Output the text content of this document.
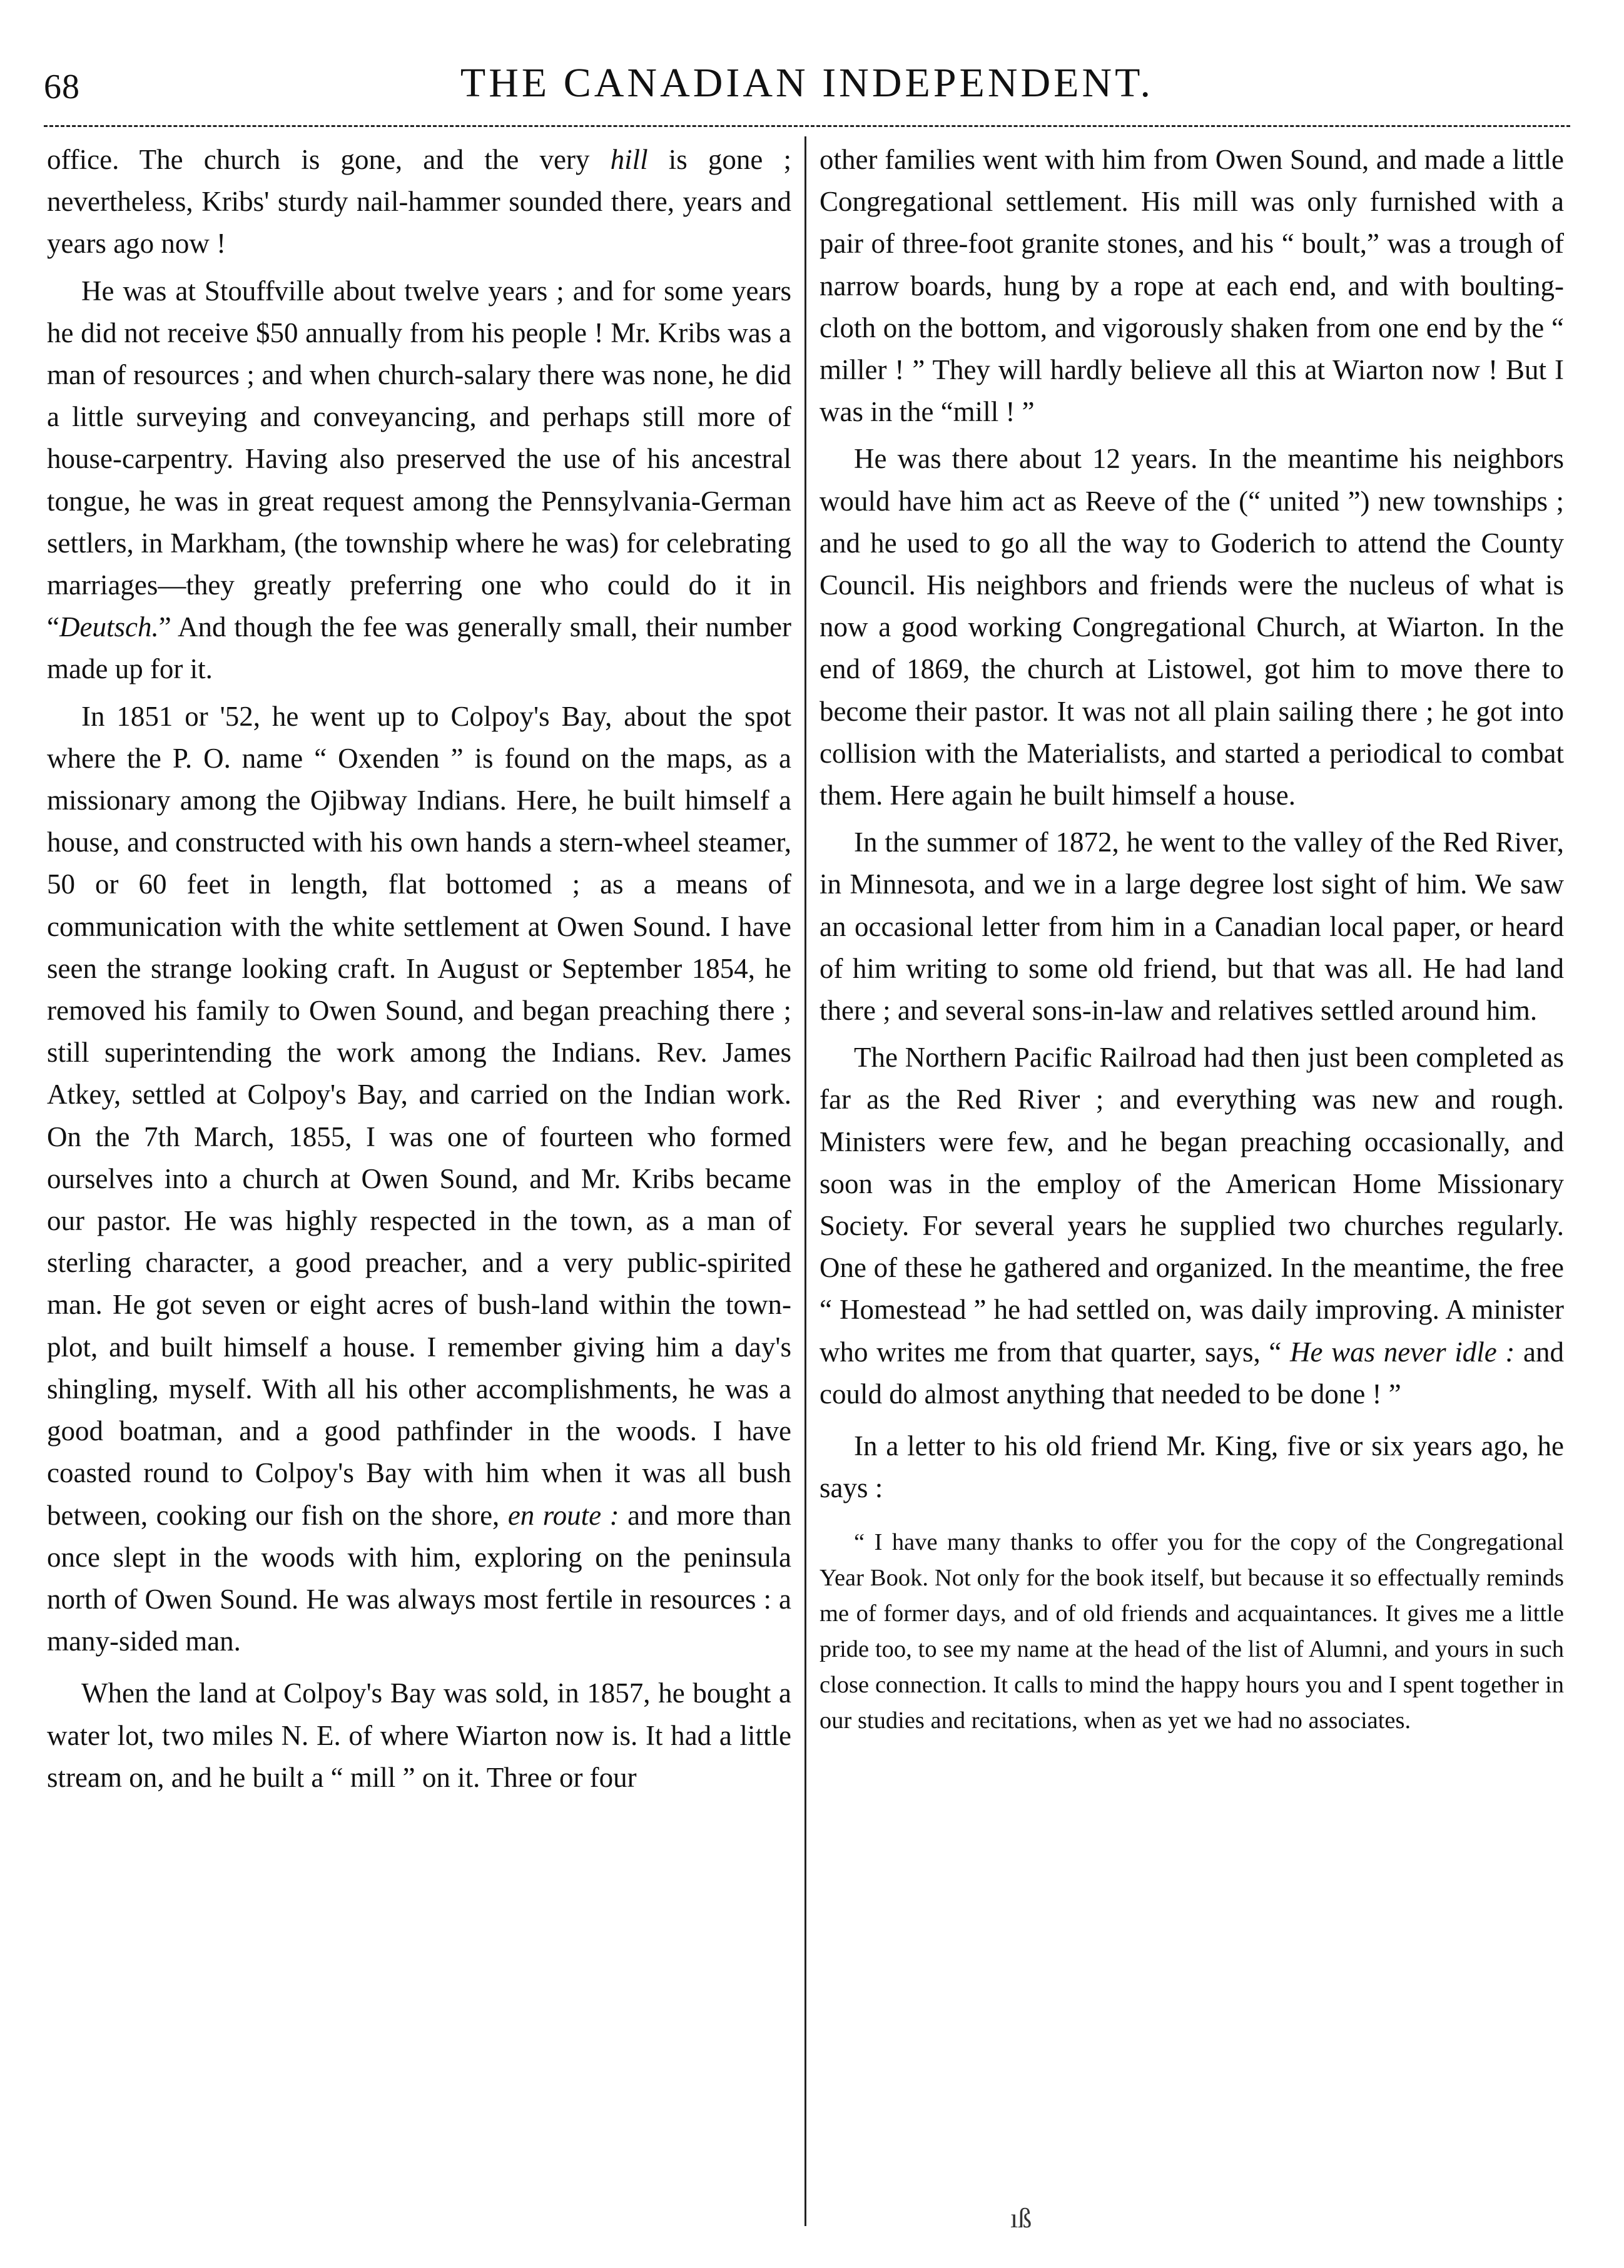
68	THE CANADIAN INDEPENDENT.

office. The church is gone, and the very hill is gone ; nevertheless, Kribs' sturdy nail-hammer sounded there, years and years ago now !

He was at Stouffville about twelve years ; and for some years he did not receive $50 annually from his people ! Mr. Kribs was a man of resources ; and when church-salary there was none, he did a little surveying and conveyancing, and perhaps still more of house-carpentry. Having also preserved the use of his ancestral tongue, he was in great request among the Pennsylvania-German settlers, in Markham, (the township where he was) for celebrating marriages—they greatly preferring one who could do it in “Deutsch.” And though the fee was generally small, their number made up for it.

In 1851 or '52, he went up to Colpoy's Bay, about the spot where the P. O. name “ Oxenden ” is found on the maps, as a missionary among the Ojibway Indians. Here, he built himself a house, and constructed with his own hands a stern-wheel steamer, 50 or 60 feet in length, flat bottomed ; as a means of communication with the white settlement at Owen Sound. I have seen the strange looking craft. In August or September 1854, he removed his family to Owen Sound, and began preaching there ; still superintending the work among the Indians. Rev. James Atkey, settled at Colpoy's Bay, and carried on the Indian work. On the 7th March, 1855, I was one of fourteen who formed ourselves into a church at Owen Sound, and Mr. Kribs became our pastor. He was highly respected in the town, as a man of sterling character, a good preacher, and a very public-spirited man. He got seven or eight acres of bush-land within the town-plot, and built himself a house. I remember giving him a day's shingling, myself. With all his other accomplishments, he was a good boatman, and a good pathfinder in the woods. I have coasted round to Colpoy's Bay with him when it was all bush between, cooking our fish on the shore, en route : and more than once slept in the woods with him, exploring on the peninsula north of Owen Sound. He was always most fertile in resources : a many-sided man.

When the land at Colpoy's Bay was sold, in 1857, he bought a water lot, two miles N. E. of where Wiarton now is. It had a little stream on, and he built a “ mill ” on it. Three or four

other families went with him from Owen Sound, and made a little Congregational settlement. His mill was only furnished with a pair of three-foot granite stones, and his “ boult,” was a trough of narrow boards, hung by a rope at each end, and with boulting-cloth on the bottom, and vigorously shaken from one end by the “ miller ! ” They will hardly believe all this at Wiarton now ! But I was in the “mill ! ”

He was there about 12 years. In the meantime his neighbors would have him act as Reeve of the (“ united ”) new townships ; and he used to go all the way to Goderich to attend the County Council. His neighbors and friends were the nucleus of what is now a good working Congregational Church, at Wiarton. In the end of 1869, the church at Listowel, got him to move there to become their pastor. It was not all plain sailing there ; he got into collision with the Materialists, and started a periodical to combat them. Here again he built himself a house.

In the summer of 1872, he went to the valley of the Red River, in Minnesota, and we in a large degree lost sight of him. We saw an occasional letter from him in a Canadian local paper, or heard of him writing to some old friend, but that was all. He had land there ; and several sons-in-law and relatives settled around him.

The Northern Pacific Railroad had then just been completed as far as the Red River ; and everything was new and rough. Ministers were few, and he began preaching occasionally, and soon was in the employ of the American Home Missionary Society. For several years he supplied two churches regularly. One of these he gathered and organized. In the meantime, the free “ Homestead ” he had settled on, was daily improving. A minister who writes me from that quarter, says, “ He was never idle : and could do almost anything that needed to be done ! ”

In a letter to his old friend Mr. King, five or six years ago, he says :

“ I have many thanks to offer you for the copy of the Congregational Year Book. Not only for the book itself, but because it so effectually reminds me of former days, and of old friends and acquaintances. It gives me a little pride too, to see my name at the head of the list of Alumni, and yours in such close connection. It calls to mind the happy hours you and I spent together in our studies and recitations, when as yet we had no associates.

ıß
